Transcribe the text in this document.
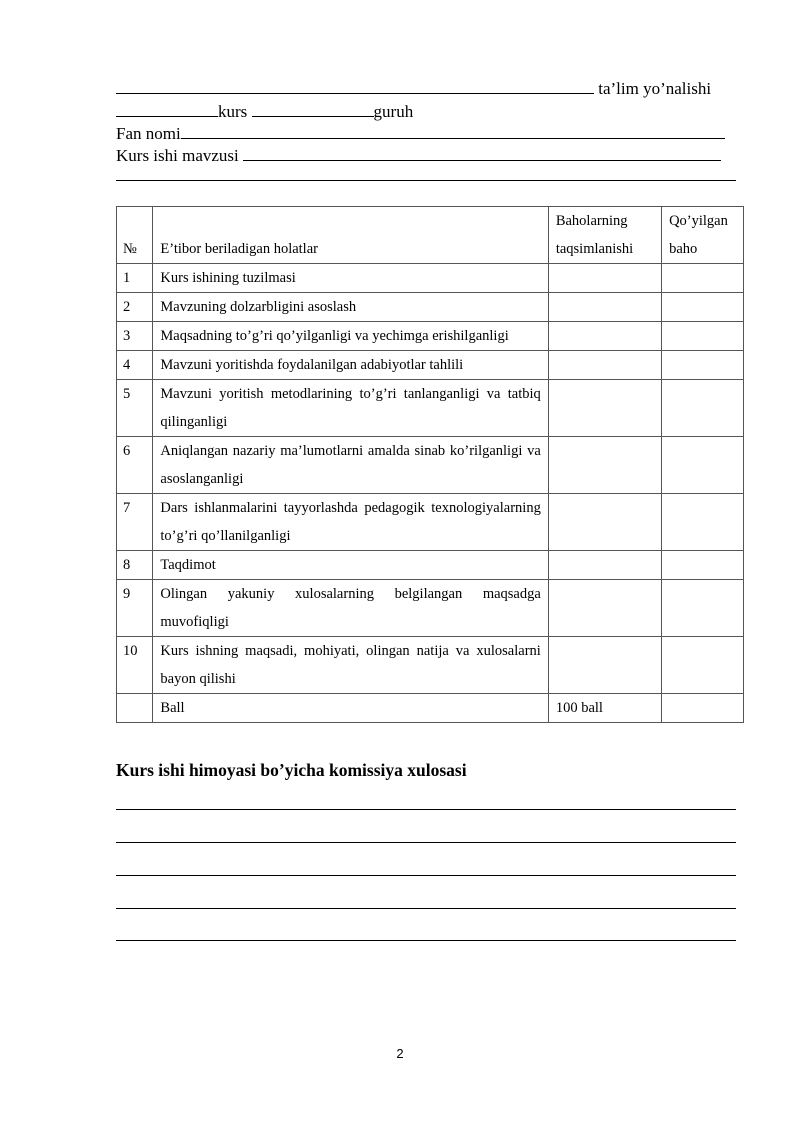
ta’lim yo’nalishi
kurs	guruh
Fan nomi
Kurs ishi mavzusi
№	E’tibor beriladigan holatlar	Baholarning taqsimlanishi	Qo’yilgan baho
1	Kurs ishining tuzilmasi		
2	Mavzuning dolzarbligini asoslash		
3	Maqsadning to’g’ri qo’yilganligi va yechimga erishilganligi		
4	Mavzuni yoritishda foydalanilgan adabiyotlar tahlili		
5	Mavzuni yoritish metodlarining to’g’ri tanlanganligi va tatbiq qilinganligi		
6	Aniqlangan nazariy ma’lumotlarni amalda sinab ko’rilganligi va asoslanganligi		
7	Dars ishlanmalarini tayyorlashda pedagogik texnologiyalarning to’g’ri qo’llanilganligi		
8	Taqdimot		
9	Olingan yakuniy xulosalarning belgilangan maqsadga muvofiqligi		
10	Kurs ishning maqsadi, mohiyati, olingan natija va xulosalarni bayon qilishi		
	Ball	100 ball	
Kurs ishi himoyasi bo’yicha komissiya xulosasi
2
